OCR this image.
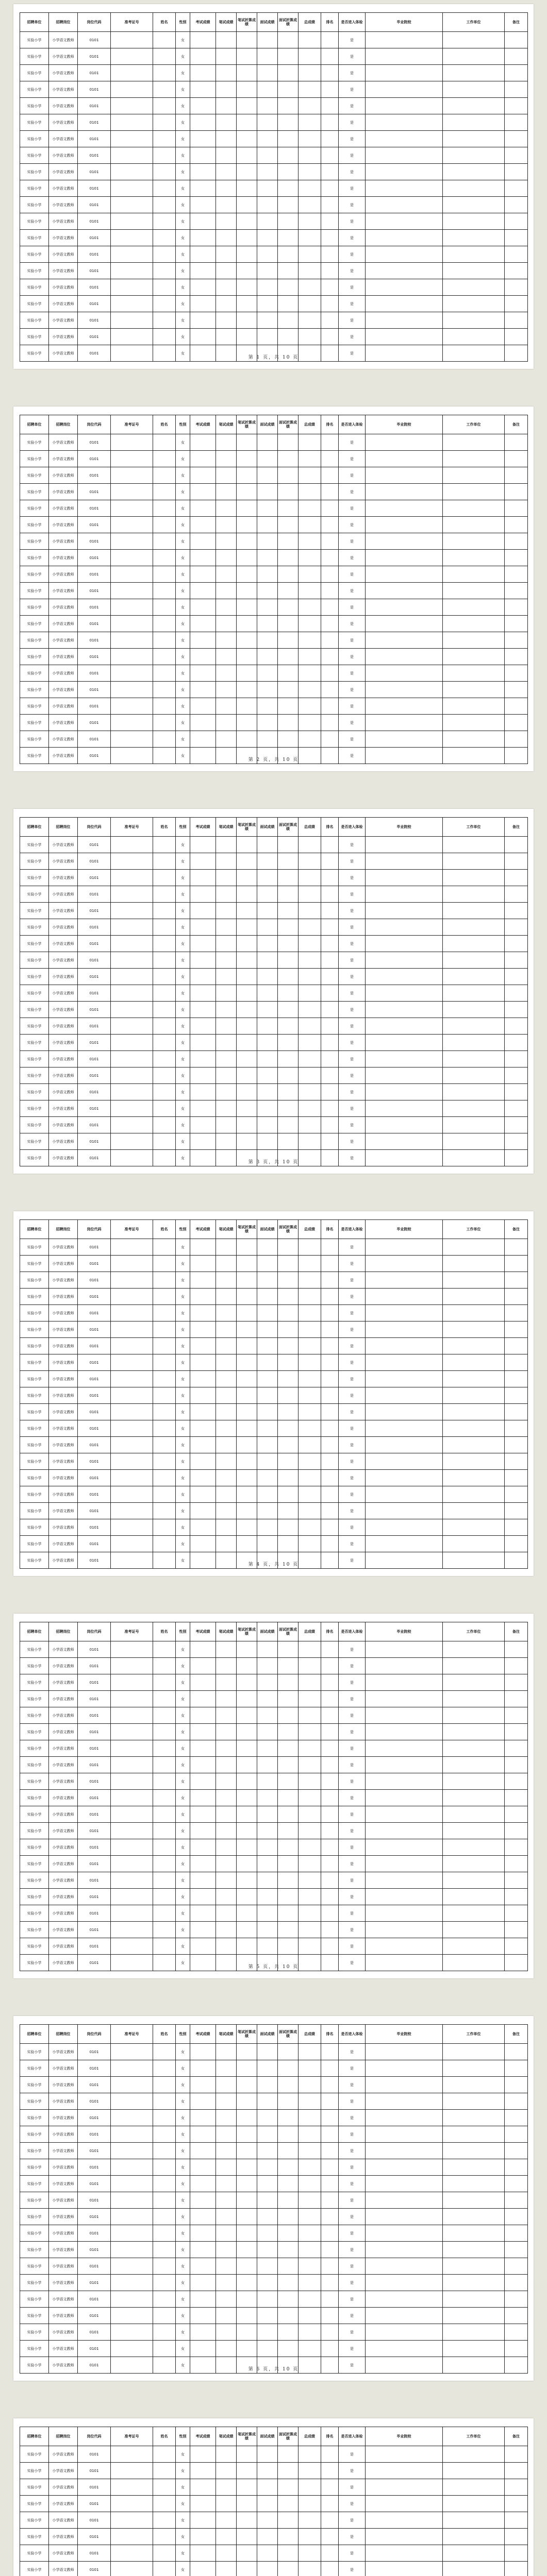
招聘单位	招聘岗位	岗位代码	准考证号	姓名	性别	考试成绩	笔试成绩	笔试折算成绩	面试成绩	面试折算成绩	总成绩	排名	是否进入体检	毕业院校	工作单位	备注
实验小学	小学语文教师	0101			女								是			
实验小学	小学语文教师	0101			女								是			
实验小学	小学语文教师	0101			女								是			
实验小学	小学语文教师	0101			女								是			
实验小学	小学语文教师	0101			女								是			
实验小学	小学语文教师	0101			女								是			
实验小学	小学语文教师	0101			女								是			
实验小学	小学语文教师	0101			女								是			
实验小学	小学语文教师	0101			女								是			
实验小学	小学语文教师	0101			女								是			
实验小学	小学语文教师	0101			女								是			
实验小学	小学语文教师	0101			女								是			
实验小学	小学语文教师	0101			女								是			
实验小学	小学语文教师	0101			女								是			
实验小学	小学语文教师	0101			女								是			
实验小学	小学语文教师	0101			女								是			
实验小学	小学语文教师	0101			女								是			
实验小学	小学语文教师	0101			女								是			
实验小学	小学语文教师	0101			女								是			
实验小学	小学语文教师	0101			女								是			
第 1 页，共 10 页
招聘单位	招聘岗位	岗位代码	准考证号	姓名	性别	考试成绩	笔试成绩	笔试折算成绩	面试成绩	面试折算成绩	总成绩	排名	是否进入体检	毕业院校	工作单位	备注
实验小学	小学语文教师	0101			女								是			
实验小学	小学语文教师	0101			女								是			
实验小学	小学语文教师	0101			女								是			
实验小学	小学语文教师	0101			女								是			
实验小学	小学语文教师	0101			女								是			
实验小学	小学语文教师	0101			女								是			
实验小学	小学语文教师	0101			女								是			
实验小学	小学语文教师	0101			女								是			
实验小学	小学语文教师	0101			女								是			
实验小学	小学语文教师	0101			女								是			
实验小学	小学语文教师	0101			女								是			
实验小学	小学语文教师	0101			女								是			
实验小学	小学语文教师	0101			女								是			
实验小学	小学语文教师	0101			女								是			
实验小学	小学语文教师	0101			女								是			
实验小学	小学语文教师	0101			女								是			
实验小学	小学语文教师	0101			女								是			
实验小学	小学语文教师	0101			女								是			
实验小学	小学语文教师	0101			女								是			
实验小学	小学语文教师	0101			女								是			
第 2 页，共 10 页
招聘单位	招聘岗位	岗位代码	准考证号	姓名	性别	考试成绩	笔试成绩	笔试折算成绩	面试成绩	面试折算成绩	总成绩	排名	是否进入体检	毕业院校	工作单位	备注
实验小学	小学语文教师	0101			女								是			
实验小学	小学语文教师	0101			女								是			
实验小学	小学语文教师	0101			女								是			
实验小学	小学语文教师	0101			女								是			
实验小学	小学语文教师	0101			女								是			
实验小学	小学语文教师	0101			女								是			
实验小学	小学语文教师	0101			女								是			
实验小学	小学语文教师	0101			女								是			
实验小学	小学语文教师	0101			女								是			
实验小学	小学语文教师	0101			女								是			
实验小学	小学语文教师	0101			女								是			
实验小学	小学语文教师	0101			女								是			
实验小学	小学语文教师	0101			女								是			
实验小学	小学语文教师	0101			女								是			
实验小学	小学语文教师	0101			女								是			
实验小学	小学语文教师	0101			女								是			
实验小学	小学语文教师	0101			女								是			
实验小学	小学语文教师	0101			女								是			
实验小学	小学语文教师	0101			女								是			
实验小学	小学语文教师	0101			女								是			
第 3 页，共 10 页
招聘单位	招聘岗位	岗位代码	准考证号	姓名	性别	考试成绩	笔试成绩	笔试折算成绩	面试成绩	面试折算成绩	总成绩	排名	是否进入体检	毕业院校	工作单位	备注
实验小学	小学语文教师	0101			女								是			
实验小学	小学语文教师	0101			女								是			
实验小学	小学语文教师	0101			女								是			
实验小学	小学语文教师	0101			女								是			
实验小学	小学语文教师	0101			女								是			
实验小学	小学语文教师	0101			女								是			
实验小学	小学语文教师	0101			女								是			
实验小学	小学语文教师	0101			女								是			
实验小学	小学语文教师	0101			女								是			
实验小学	小学语文教师	0101			女								是			
实验小学	小学语文教师	0101			女								是			
实验小学	小学语文教师	0101			女								是			
实验小学	小学语文教师	0101			女								是			
实验小学	小学语文教师	0101			女								是			
实验小学	小学语文教师	0101			女								是			
实验小学	小学语文教师	0101			女								是			
实验小学	小学语文教师	0101			女								是			
实验小学	小学语文教师	0101			女								是			
实验小学	小学语文教师	0101			女								是			
实验小学	小学语文教师	0101			女								是			
第 4 页，共 10 页
招聘单位	招聘岗位	岗位代码	准考证号	姓名	性别	考试成绩	笔试成绩	笔试折算成绩	面试成绩	面试折算成绩	总成绩	排名	是否进入体检	毕业院校	工作单位	备注
实验小学	小学语文教师	0101			女								是			
实验小学	小学语文教师	0101			女								是			
实验小学	小学语文教师	0101			女								是			
实验小学	小学语文教师	0101			女								是			
实验小学	小学语文教师	0101			女								是			
实验小学	小学语文教师	0101			女								是			
实验小学	小学语文教师	0101			女								是			
实验小学	小学语文教师	0101			女								是			
实验小学	小学语文教师	0101			女								是			
实验小学	小学语文教师	0101			女								是			
实验小学	小学语文教师	0101			女								是			
实验小学	小学语文教师	0101			女								是			
实验小学	小学语文教师	0101			女								是			
实验小学	小学语文教师	0101			女								是			
实验小学	小学语文教师	0101			女								是			
实验小学	小学语文教师	0101			女								是			
实验小学	小学语文教师	0101			女								是			
实验小学	小学语文教师	0101			女								是			
实验小学	小学语文教师	0101			女								是			
实验小学	小学语文教师	0101			女								是			
第 5 页，共 10 页
招聘单位	招聘岗位	岗位代码	准考证号	姓名	性别	考试成绩	笔试成绩	笔试折算成绩	面试成绩	面试折算成绩	总成绩	排名	是否进入体检	毕业院校	工作单位	备注
实验小学	小学语文教师	0101			女								是			
实验小学	小学语文教师	0101			女								是			
实验小学	小学语文教师	0101			女								是			
实验小学	小学语文教师	0101			女								是			
实验小学	小学语文教师	0101			女								是			
实验小学	小学语文教师	0101			女								是			
实验小学	小学语文教师	0101			女								是			
实验小学	小学语文教师	0101			女								是			
实验小学	小学语文教师	0101			女								是			
实验小学	小学语文教师	0101			女								是			
实验小学	小学语文教师	0101			女								是			
实验小学	小学语文教师	0101			女								是			
实验小学	小学语文教师	0101			女								是			
实验小学	小学语文教师	0101			女								是			
实验小学	小学语文教师	0101			女								是			
实验小学	小学语文教师	0101			女								是			
实验小学	小学语文教师	0101			女								是			
实验小学	小学语文教师	0101			女								是			
实验小学	小学语文教师	0101			女								是			
实验小学	小学语文教师	0101			女								是			
第 6 页，共 10 页
招聘单位	招聘岗位	岗位代码	准考证号	姓名	性别	考试成绩	笔试成绩	笔试折算成绩	面试成绩	面试折算成绩	总成绩	排名	是否进入体检	毕业院校	工作单位	备注
实验小学	小学语文教师	0101			女								是			
实验小学	小学语文教师	0101			女								是			
实验小学	小学语文教师	0101			女								是			
实验小学	小学语文教师	0101			女								是			
实验小学	小学语文教师	0101			女								是			
实验小学	小学语文教师	0101			女								是			
实验小学	小学语文教师	0101			女								是			
实验小学	小学语文教师	0101			女								是			
